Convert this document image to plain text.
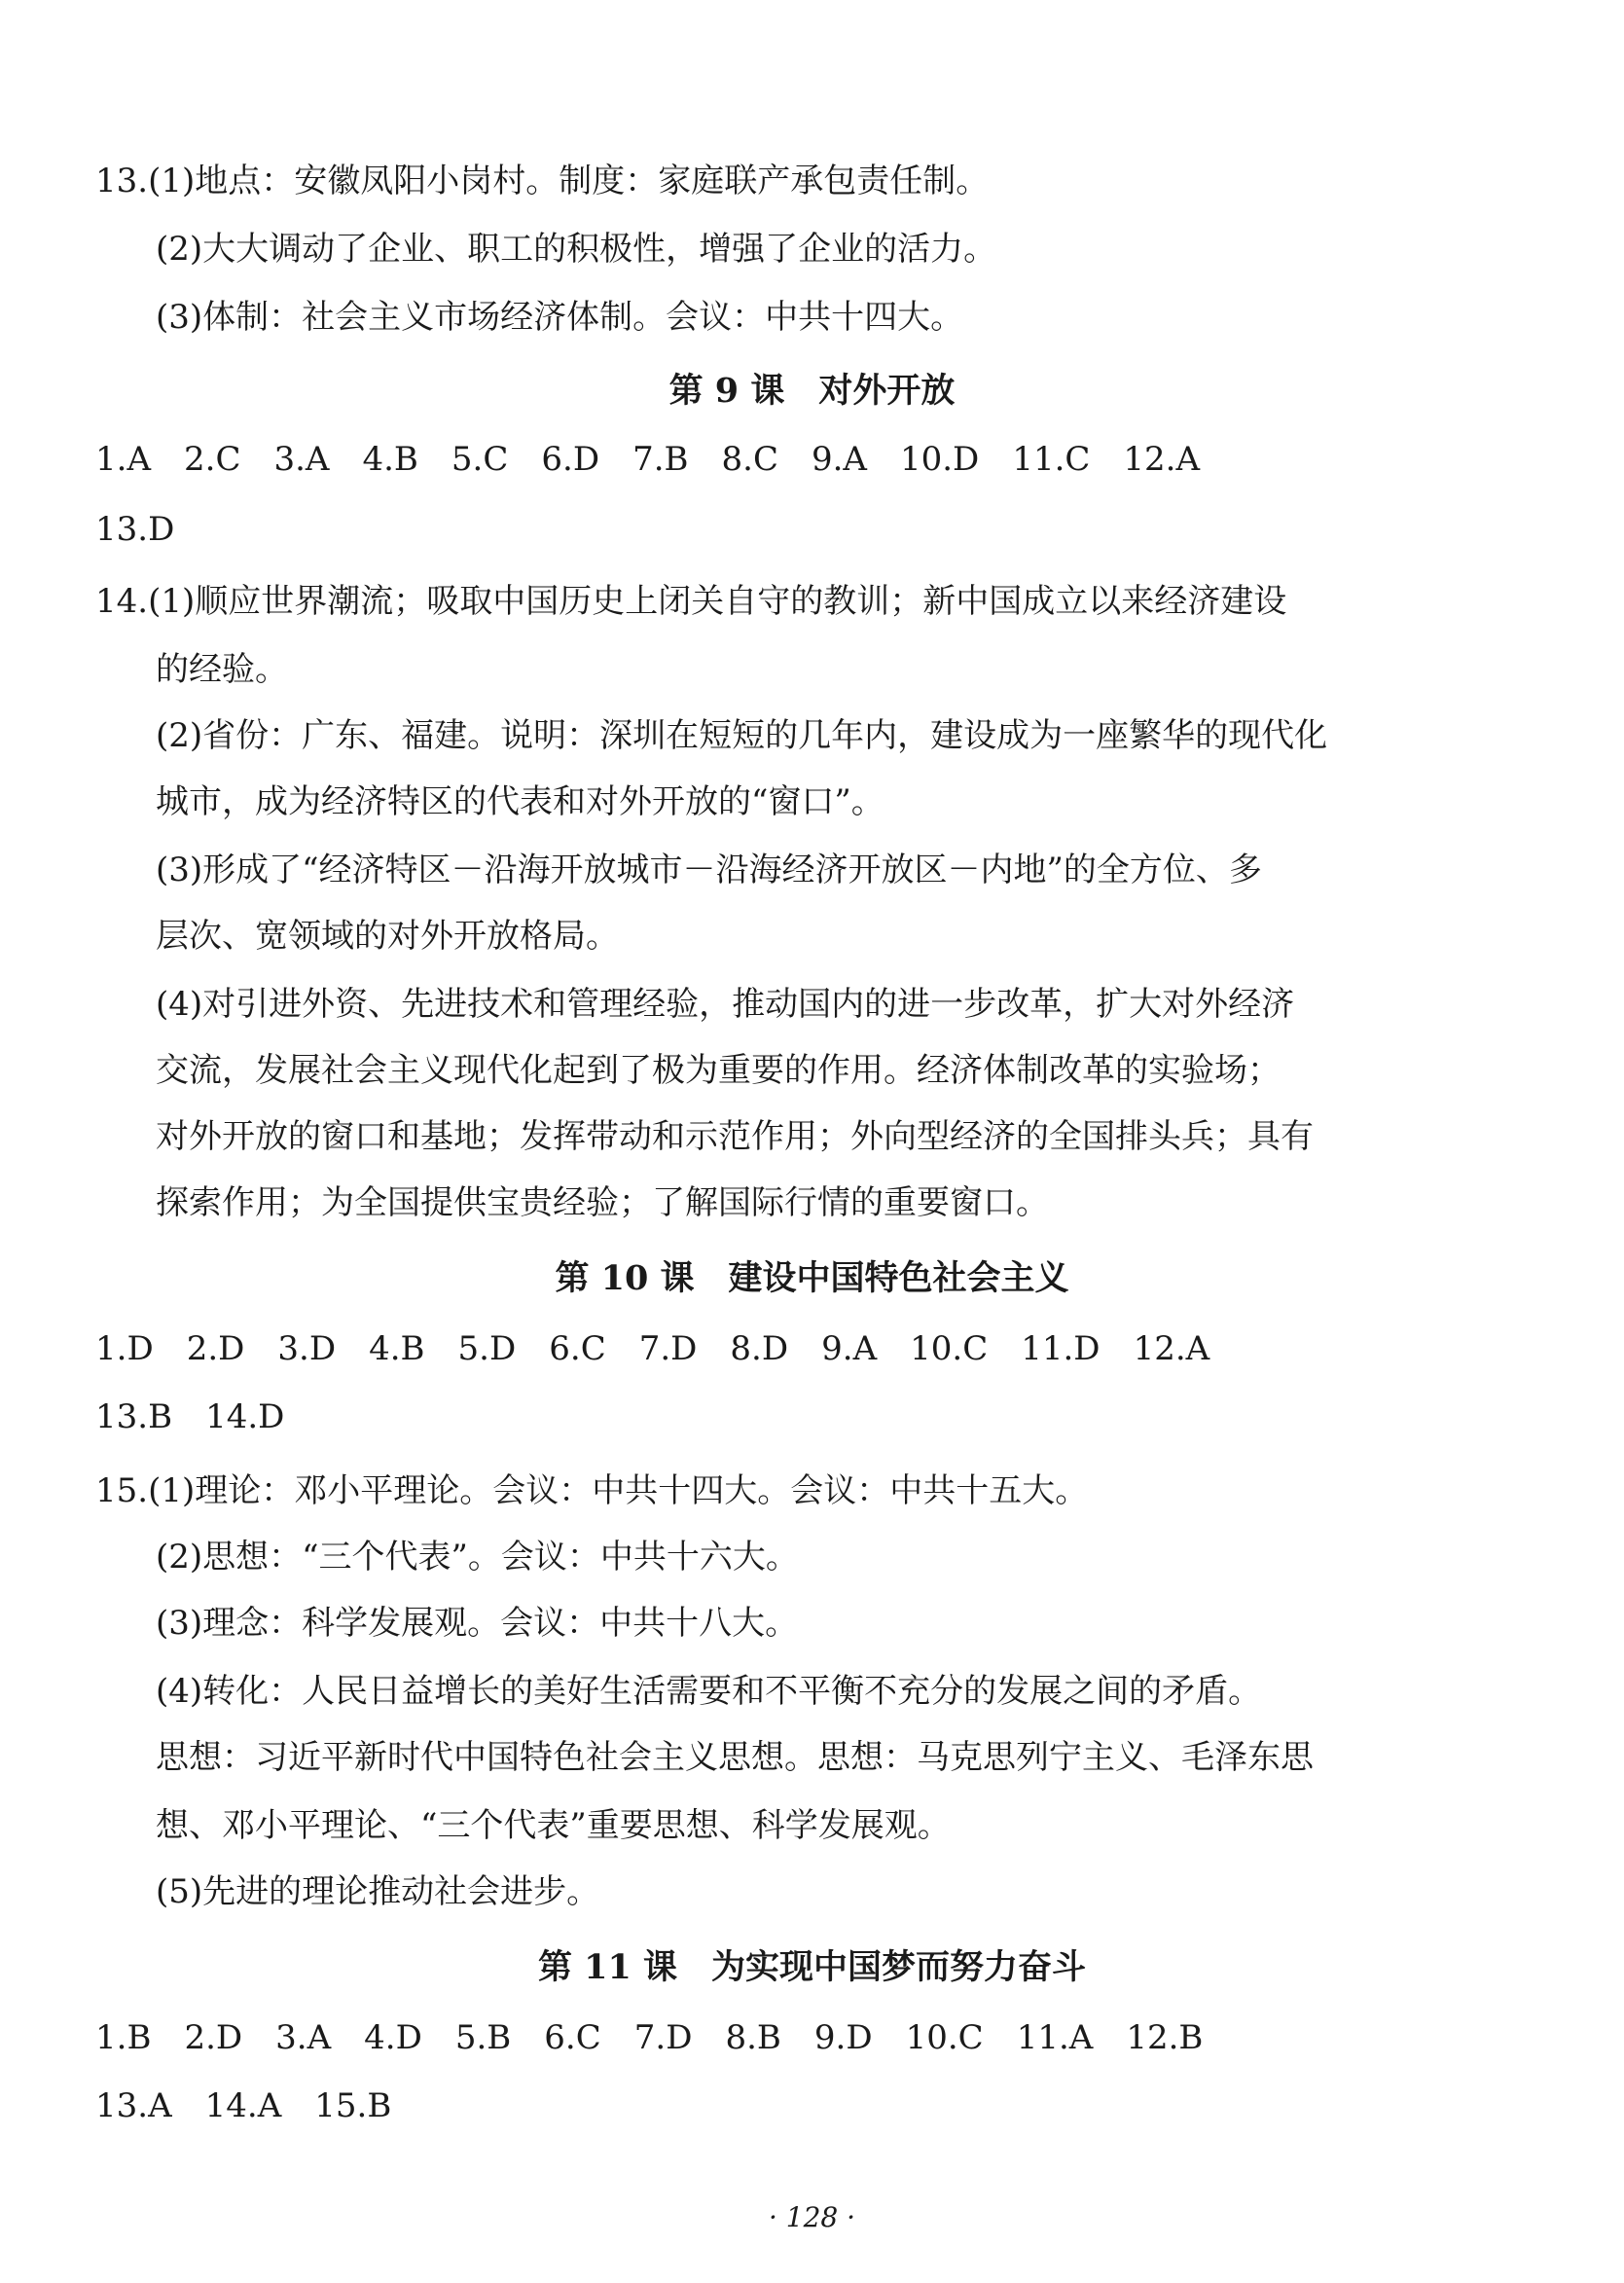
13.(1)地点：安徽凤阳小岗村。制度：家庭联产承包责任制。
(2)大大调动了企业、职工的积极性，增强了企业的活力。
(3)体制：社会主义市场经济体制。会议：中共十四大。
第 9 课　对外开放
1.A 2.C 3.A 4.B 5.C 6.D 7.B 8.C 9.A 10.D 11.C 12.A
13.D
14.(1)顺应世界潮流；吸取中国历史上闭关自守的教训；新中国成立以来经济建设
的经验。
(2)省份：广东、福建。说明：深圳在短短的几年内，建设成为一座繁华的现代化
城市，成为经济特区的代表和对外开放的“窗口”。
(3)形成了“经济特区－沿海开放城市－沿海经济开放区－内地”的全方位、多
层次、宽领域的对外开放格局。
(4)对引进外资、先进技术和管理经验，推动国内的进一步改革，扩大对外经济
交流，发展社会主义现代化起到了极为重要的作用。经济体制改革的实验场；
对外开放的窗口和基地；发挥带动和示范作用；外向型经济的全国排头兵；具有
探索作用；为全国提供宝贵经验；了解国际行情的重要窗口。
第 10 课　建设中国特色社会主义
1.D 2.D 3.D 4.B 5.D 6.C 7.D 8.D 9.A 10.C 11.D 12.A
13.B 14.D
15.(1)理论：邓小平理论。会议：中共十四大。会议：中共十五大。
(2)思想：“三个代表”。会议：中共十六大。
(3)理念：科学发展观。会议：中共十八大。
(4)转化：人民日益增长的美好生活需要和不平衡不充分的发展之间的矛盾。
思想：习近平新时代中国特色社会主义思想。思想：马克思列宁主义、毛泽东思
想、邓小平理论、“三个代表”重要思想、科学发展观。
(5)先进的理论推动社会进步。
第 11 课　为实现中国梦而努力奋斗
1.B 2.D 3.A 4.D 5.B 6.C 7.D 8.B 9.D 10.C 11.A 12.B
13.A 14.A 15.B
· 128 ·
